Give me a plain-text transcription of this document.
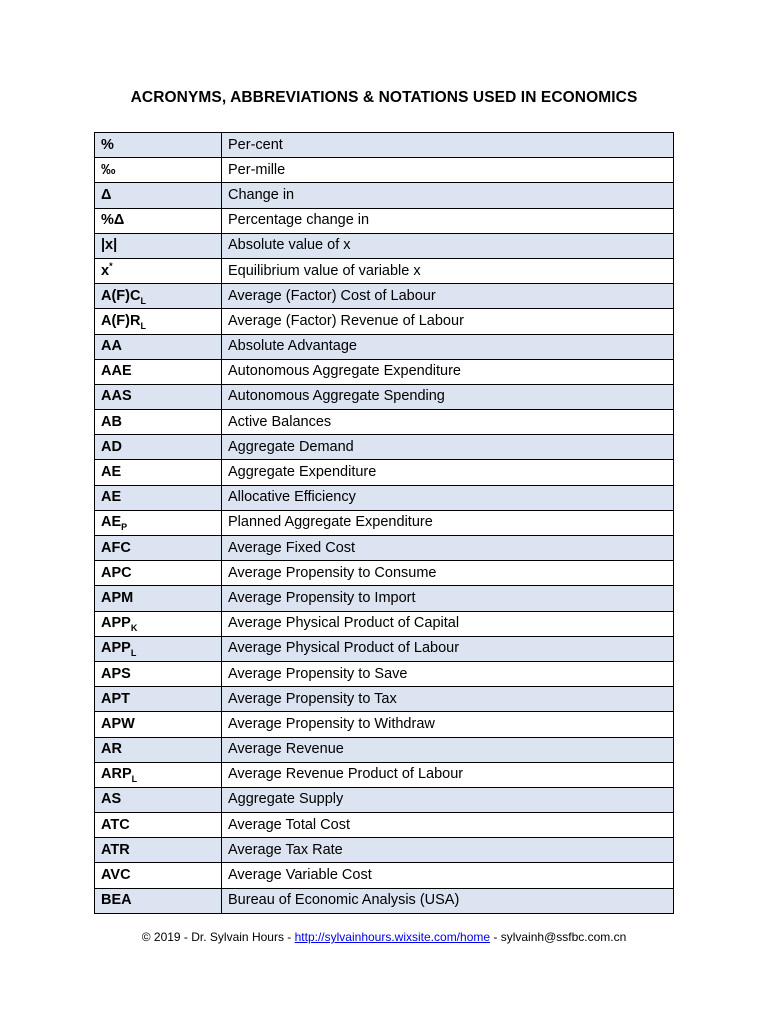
ACRONYMS, ABBREVIATIONS & NOTATIONS USED IN ECONOMICS
%	Per-cent
‰	Per-mille
Δ	Change in
%Δ	Percentage change in
|x|	Absolute value of x
x*	Equilibrium value of variable x
$A(F)C_L$	Average (Factor) Cost of Labour
$A(F)R_L$	Average (Factor) Revenue of Labour
AA	Absolute Advantage
AAE	Autonomous Aggregate Expenditure
AAS	Autonomous Aggregate Spending
AB	Active Balances
AD	Aggregate Demand
AE	Aggregate Expenditure
AE	Allocative Efficiency
$AE_P$	Planned Aggregate Expenditure
AFC	Average Fixed Cost
APC	Average Propensity to Consume
APM	Average Propensity to Import
$APP_K$	Average Physical Product of Capital
$APP_L$	Average Physical Product of Labour
APS	Average Propensity to Save
APT	Average Propensity to Tax
APW	Average Propensity to Withdraw
AR	Average Revenue
$ARP_L$	Average Revenue Product of Labour
AS	Aggregate Supply
ATC	Average Total Cost
ATR	Average Tax Rate
AVC	Average Variable Cost
BEA	Bureau of Economic Analysis (USA)
© 2019 - Dr. Sylvain Hours - http://sylvainhours.wixsite.com/home - sylvainh@ssfbc.com.cn
